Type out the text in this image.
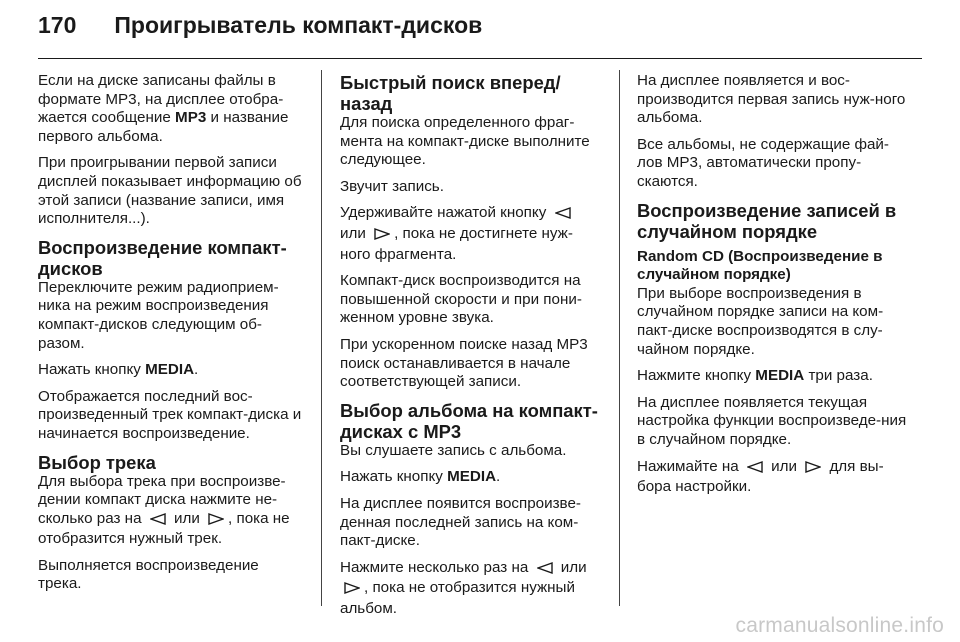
170 Проигрыватель компакт-дисков

Если на диске записаны файлы в формате MP3, на дисплее отобра-жается сообщение MP3 и название первого альбома.

При проигрывании первой записи дисплей показывает информацию об этой записи (название записи, имя исполнителя...).

Воспроизведение компакт-дисков

Переключите режим радиоприем-ника на режим воспроизведения компакт-дисков следующим об-разом.

Нажать кнопку MEDIA.

Отображается последний вос-произведенный трек компакт-диска и начинается воспроизведение.

Выбор трека

Для выбора трека при воспроизве-дении компакт диска нажмите не-сколько раз на  или , пока не отобразится нужный трек.

Выполняется воспроизведение трека.

Быстрый поиск вперед/назад

Для поиска определенного фраг-мента на компакт-диске выполните следующее.

Звучит запись.

Удерживайте нажатой кнопку  или , пока не достигнете нуж-ного фрагмента.

Компакт-диск воспроизводится на повышенной скорости и при пони-женном уровне звука.

При ускоренном поиске назад MP3 поиск останавливается в начале соответствующей записи.

Выбор альбома на компакт-дисках с MP3

Вы слушаете запись с альбома.

Нажать кнопку MEDIA.

На дисплее появится воспроизве-денная последней запись на ком-пакт-диске.

Нажмите несколько раз на  или , пока не отобразится нужный альбом.

На дисплее появляется и вос-производится первая запись нуж-ного альбома.

Все альбомы, не содержащие фай-лов MP3, автоматически пропу-скаются.

Воспроизведение записей в случайном порядке
Random CD (Воспроизведение в случайном порядке)

При выборе воспроизведения в случайном порядке записи на ком-пакт-диске воспроизводятся в слу-чайном порядке.

Нажмите кнопку MEDIA три раза.

На дисплее появляется текущая настройка функции воспроизведе-ния в случайном порядке.

Нажимайте на  или  для вы-бора настройки.

carmanualsonline.info
